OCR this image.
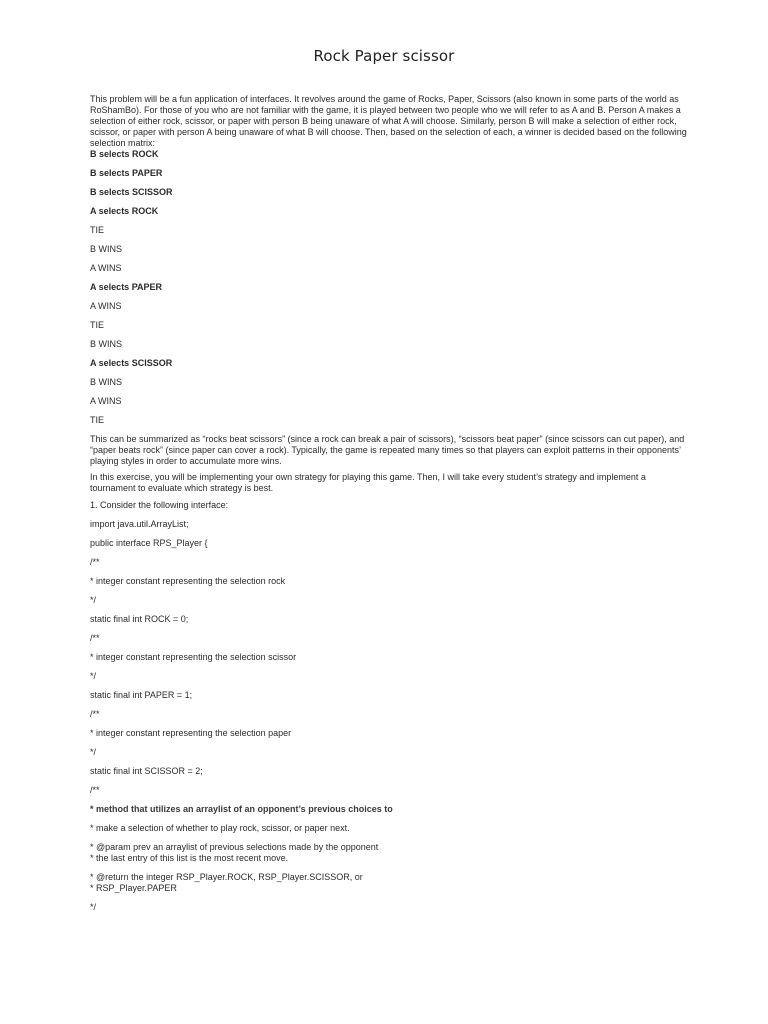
Rock Paper scissor

This problem will be a fun application of interfaces. It revolves around the game of Rocks, Paper, Scissors (also known in some parts of the world as RoShamBo). For those of you who are not familiar with the game, it is played between two people who we will refer to as A and B. Person A makes a selection of either rock, scissor, or paper with person B being unaware of what A will choose. Similarly, person B will make a selection of either rock, scissor, or paper with person A being unaware of what B will choose. Then, based on the selection of each, a winner is decided based on the following selection matrix:

B selects ROCK
B selects PAPER
B selects SCISSOR
A selects ROCK
TIE
B WINS
A WINS
A selects PAPER
A WINS
TIE
B WINS
A selects SCISSOR
B WINS
A WINS
TIE

This can be summarized as “rocks beat scissors” (since a rock can break a pair of scissors), “scissors beat paper” (since scissors can cut paper), and “paper beats rock” (since paper can cover a rock). Typically, the game is repeated many times so that players can exploit patterns in their opponents’ playing styles in order to accumulate more wins.

In this exercise, you will be implementing your own strategy for playing this game. Then, I will take every student’s strategy and implement a tournament to evaluate which strategy is best.

1. Consider the following interface:
import java.util.ArrayList;
public interface RPS_Player {
/**
* integer constant representing the selection rock
*/
static final int ROCK = 0;
/**
* integer constant representing the selection scissor
*/
static final int PAPER = 1;
/**
* integer constant representing the selection paper
*/
static final int SCISSOR = 2;
/**
* method that utilizes an arraylist of an opponent’s previous choices to
* make a selection of whether to play rock, scissor, or paper next.
* @param prev an arraylist of previous selections made by the opponent
* the last entry of this list is the most recent move.
* @return the integer RSP_Player.ROCK, RSP_Player.SCISSOR, or
* RSP_Player.PAPER
*/
